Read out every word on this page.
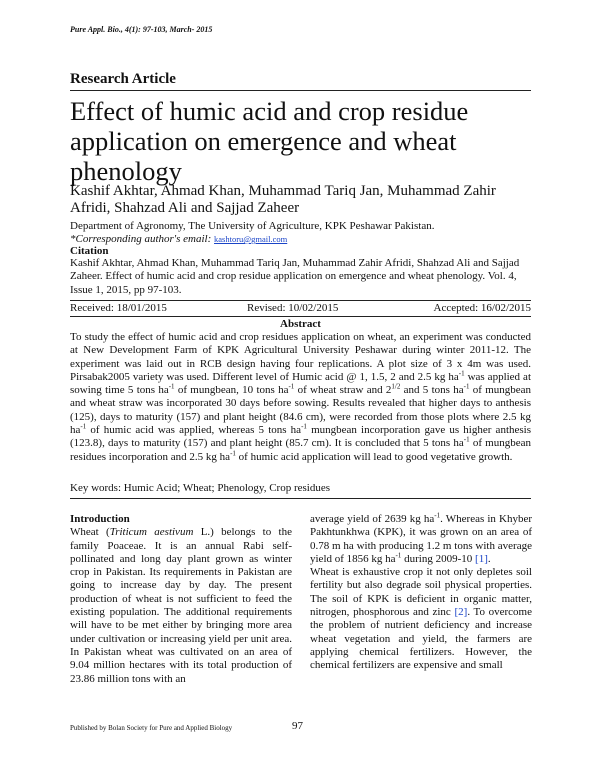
Pure Appl. Bio., 4(1): 97-103, March- 2015
Research Article
Effect of humic acid and crop residue application on emergence and wheat phenology
Kashif Akhtar, Ahmad Khan, Muhammad Tariq Jan, Muhammad Zahir Afridi, Shahzad Ali and Sajjad Zaheer
Department of Agronomy, The University of Agriculture, KPK Peshawar Pakistan.
*Corresponding author's email: kashtoru@gmail.com
Citation
Kashif Akhtar, Ahmad Khan, Muhammad Tariq Jan, Muhammad Zahir Afridi, Shahzad Ali and Sajjad Zaheer. Effect of humic acid and crop residue application on emergence and wheat phenology. Vol. 4, Issue 1, 2015, pp 97-103.
Received: 18/01/2015	Revised: 10/02/2015	Accepted: 16/02/2015
Abstract
To study the effect of humic acid and crop residues application on wheat, an experiment was conducted at New Development Farm of KPK Agricultural University Peshawar during winter 2011-12. The experiment was laid out in RCB design having four replications. A plot size of 3 x 4m was used. Pirsabak2005 variety was used. Different level of Humic acid @ 1, 1.5, 2 and 2.5 kg $ha^{-1}$ was applied at sowing time 5 tons $ha^{-1}$ of mungbean, 10 tons $ha^{-1}$ of wheat straw and $2^{1/2}$ and 5 tons $ha^{-1}$ of mungbean and wheat straw was incorporated 30 days before sowing. Results revealed that higher days to anthesis (125), days to maturity (157) and plant height (84.6 cm), were recorded from those plots where 2.5 kg $ha^{-1}$ of humic acid was applied, whereas 5 tons $ha^{-1}$ mungbean incorporation gave us higher anthesis (123.8), days to maturity (157) and plant height (85.7 cm). It is concluded that 5 tons $ha^{-1}$ of mungbean residues incorporation and 2.5 kg $ha^{-1}$ of humic acid application will lead to good vegetative growth.
Key words: Humic Acid; Wheat; Phenology, Crop residues
Introduction
Wheat (Triticum aestivum L.) belongs to the family Poaceae. It is an annual Rabi self-pollinated and long day plant grown as winter crop in Pakistan. Its requirements in Pakistan are going to increase day by day. The present production of wheat is not sufficient to feed the existing population. The additional requirements will have to be met either by bringing more area under cultivation or increasing yield per unit area. In Pakistan wheat was cultivated on an area of 9.04 million hectares with its total production of 23.86 million tons with an
average yield of 2639 kg $ha^{-1}$. Whereas in Khyber Pakhtunkhwa (KPK), it was grown on an area of 0.78 m ha with producing 1.2 m tons with average yield of 1856 kg $ha^{-1}$ during 2009-10 [1].
Wheat is exhaustive crop it not only depletes soil fertility but also degrade soil physical properties. The soil of KPK is deficient in organic matter, nitrogen, phosphorous and zinc [2]. To overcome the problem of nutrient deficiency and increase wheat vegetation and yield, the farmers are applying chemical fertilizers. However, the chemical fertilizers are expensive and small
Published by Bolan Society for Pure and Applied Biology	97
